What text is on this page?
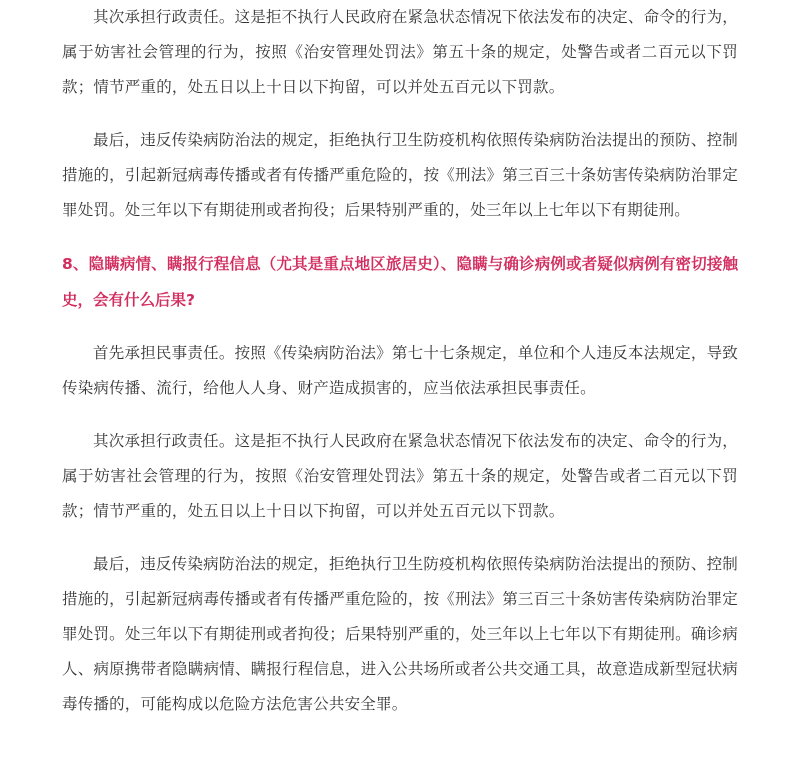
其次承担行政责任。这是拒不执行人民政府在紧急状态情况下依法发布的决定、命令的行为，属于妨害社会管理的行为，按照《治安管理处罚法》第五十条的规定，处警告或者二百元以下罚款；情节严重的，处五日以上十日以下拘留，可以并处五百元以下罚款。

最后，违反传染病防治法的规定，拒绝执行卫生防疫机构依照传染病防治法提出的预防、控制措施的，引起新冠病毒传播或者有传播严重危险的，按《刑法》第三百三十条妨害传染病防治罪定罪处罚。处三年以下有期徒刑或者拘役；后果特别严重的，处三年以上七年以下有期徒刑。

8、隐瞒病情、瞒报行程信息（尤其是重点地区旅居史）、隐瞒与确诊病例或者疑似病例有密切接触史，会有什么后果?

首先承担民事责任。按照《传染病防治法》第七十七条规定，单位和个人违反本法规定，导致传染病传播、流行，给他人人身、财产造成损害的，应当依法承担民事责任。

其次承担行政责任。这是拒不执行人民政府在紧急状态情况下依法发布的决定、命令的行为，属于妨害社会管理的行为，按照《治安管理处罚法》第五十条的规定，处警告或者二百元以下罚款；情节严重的，处五日以上十日以下拘留，可以并处五百元以下罚款。

最后，违反传染病防治法的规定，拒绝执行卫生防疫机构依照传染病防治法提出的预防、控制措施的，引起新冠病毒传播或者有传播严重危险的，按《刑法》第三百三十条妨害传染病防治罪定罪处罚。处三年以下有期徒刑或者拘役；后果特别严重的，处三年以上七年以下有期徒刑。确诊病人、病原携带者隐瞒病情、瞒报行程信息，进入公共场所或者公共交通工具，故意造成新型冠状病毒传播的，可能构成以危险方法危害公共安全罪。
